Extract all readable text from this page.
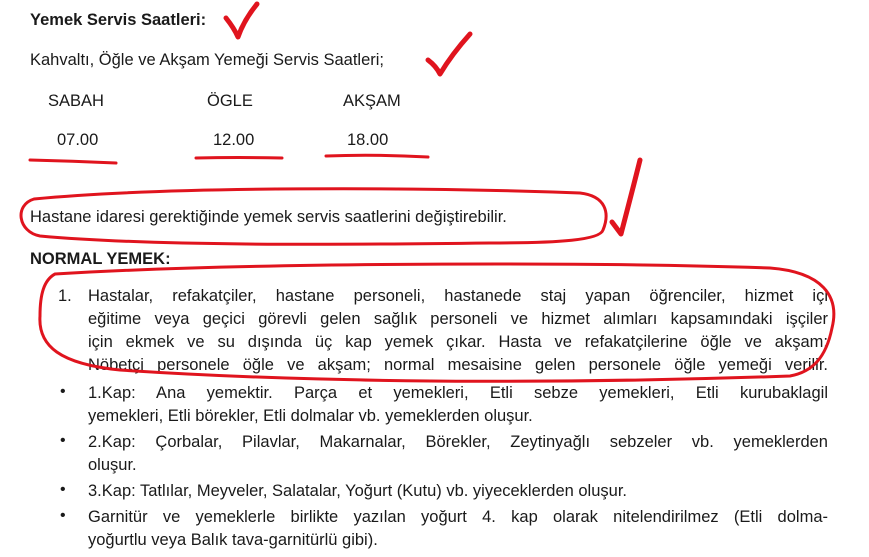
Yemek Servis Saatleri:
Kahvaltı, Öğle ve Akşam Yemeği Servis Saatleri;
SABAH	ÖGLE	AKŞAM
07.00	12.00	18.00
Hastane idaresi gerektiğinde yemek servis saatlerini değiştirebilir.
NORMAL YEMEK:
1. Hastalar, refakatçiler, hastane personeli, hastanede staj yapan öğrenciler, hizmet içi
eğitime veya geçici görevli gelen sağlık personeli ve hizmet alımları kapsamındaki işçiler
için ekmek ve su dışında üç kap yemek çıkar. Hasta ve refakatçilerine öğle ve akşam;
Nöbetçi personele öğle ve akşam; normal mesaisine gelen personele öğle yemeği verilir.
• 1.Kap: Ana yemektir. Parça et yemekleri, Etli sebze yemekleri, Etli kurubaklagil
yemekleri, Etli börekler, Etli dolmalar vb. yemeklerden oluşur.
• 2.Kap: Çorbalar, Pilavlar, Makarnalar, Börekler, Zeytinyağlı sebzeler vb. yemeklerden
oluşur.
• 3.Kap: Tatlılar, Meyveler, Salatalar, Yoğurt (Kutu) vb. yiyeceklerden oluşur.
• Garnitür ve yemeklerle birlikte yazılan yoğurt 4. kap olarak nitelendirilmez (Etli dolma-
yoğurtlu veya Balık tava-garnitürlü gibi).
